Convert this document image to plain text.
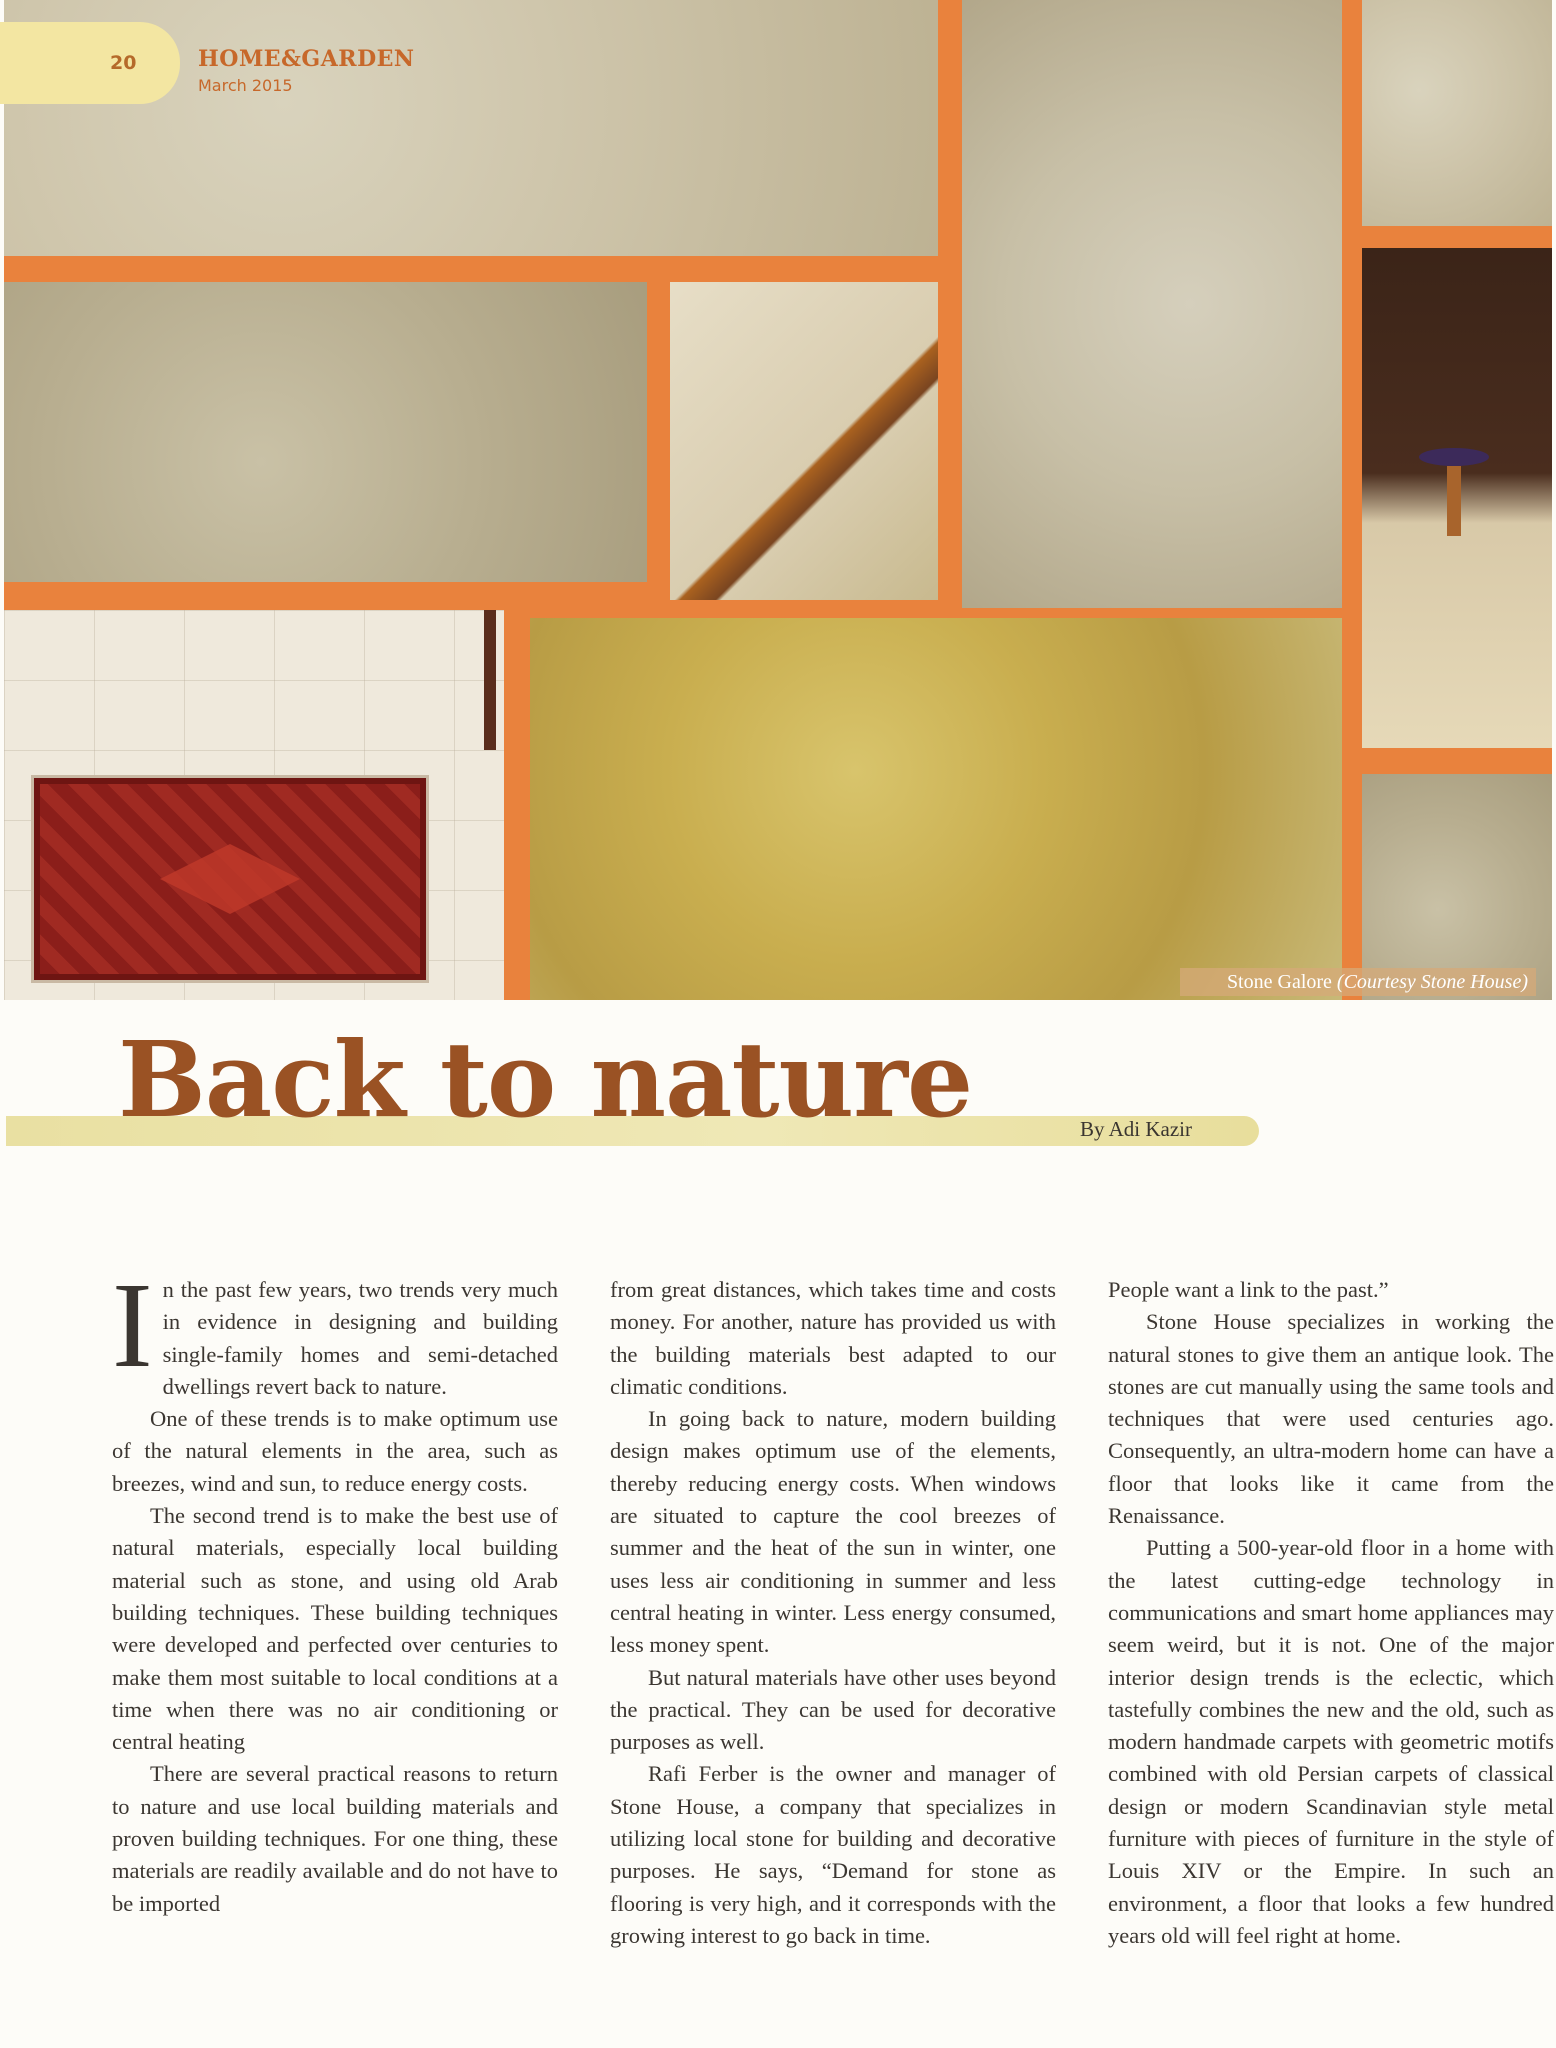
20	HOME&GARDEN
March 2015
Stone Galore (Courtesy Stone House)
Back to nature	By Adi Kazir
I n the past few years, two trends very much in evidence in designing and building single-family homes and semi-detached dwellings revert back to nature.

One of these trends is to make optimum use of the natural elements in the area, such as breezes, wind and sun, to reduce energy costs.

The second trend is to make the best use of natural materials, especially local building material such as stone, and using old Arab building techniques. These building techniques were developed and perfected over centuries to make them most suitable to local conditions at a time when there was no air conditioning or central heating

There are several practical reasons to return to nature and use local building materials and proven building techniques. For one thing, these materials are readily available and do not have to be imported

from great distances, which takes time and costs money. For another, nature has provided us with the building materials best adapted to our climatic conditions.

In going back to nature, modern building design makes optimum use of the elements, thereby reducing energy costs. When windows are situated to capture the cool breezes of summer and the heat of the sun in winter, one uses less air conditioning in summer and less central heating in winter. Less energy consumed, less money spent.

But natural materials have other uses beyond the practical. They can be used for decorative purposes as well.

Rafi Ferber is the owner and manager of Stone House, a company that specializes in utilizing local stone for building and decorative purposes. He says, “Demand for stone as flooring is very high, and it corresponds with the growing interest to go back in time.

People want a link to the past.”

Stone House specializes in working the natural stones to give them an antique look. The stones are cut manually using the same tools and techniques that were used centuries ago. Consequently, an ultra-modern home can have a floor that looks like it came from the Renaissance.

Putting a 500-year-old floor in a home with the latest cutting-edge technology in communications and smart home appliances may seem weird, but it is not. One of the major interior design trends is the eclectic, which tastefully combines the new and the old, such as modern handmade carpets with geometric motifs combined with old Persian carpets of classical design or modern Scandinavian style metal furniture with pieces of furniture in the style of Louis XIV or the Empire. In such an environment, a floor that looks a few hundred years old will feel right at home.
